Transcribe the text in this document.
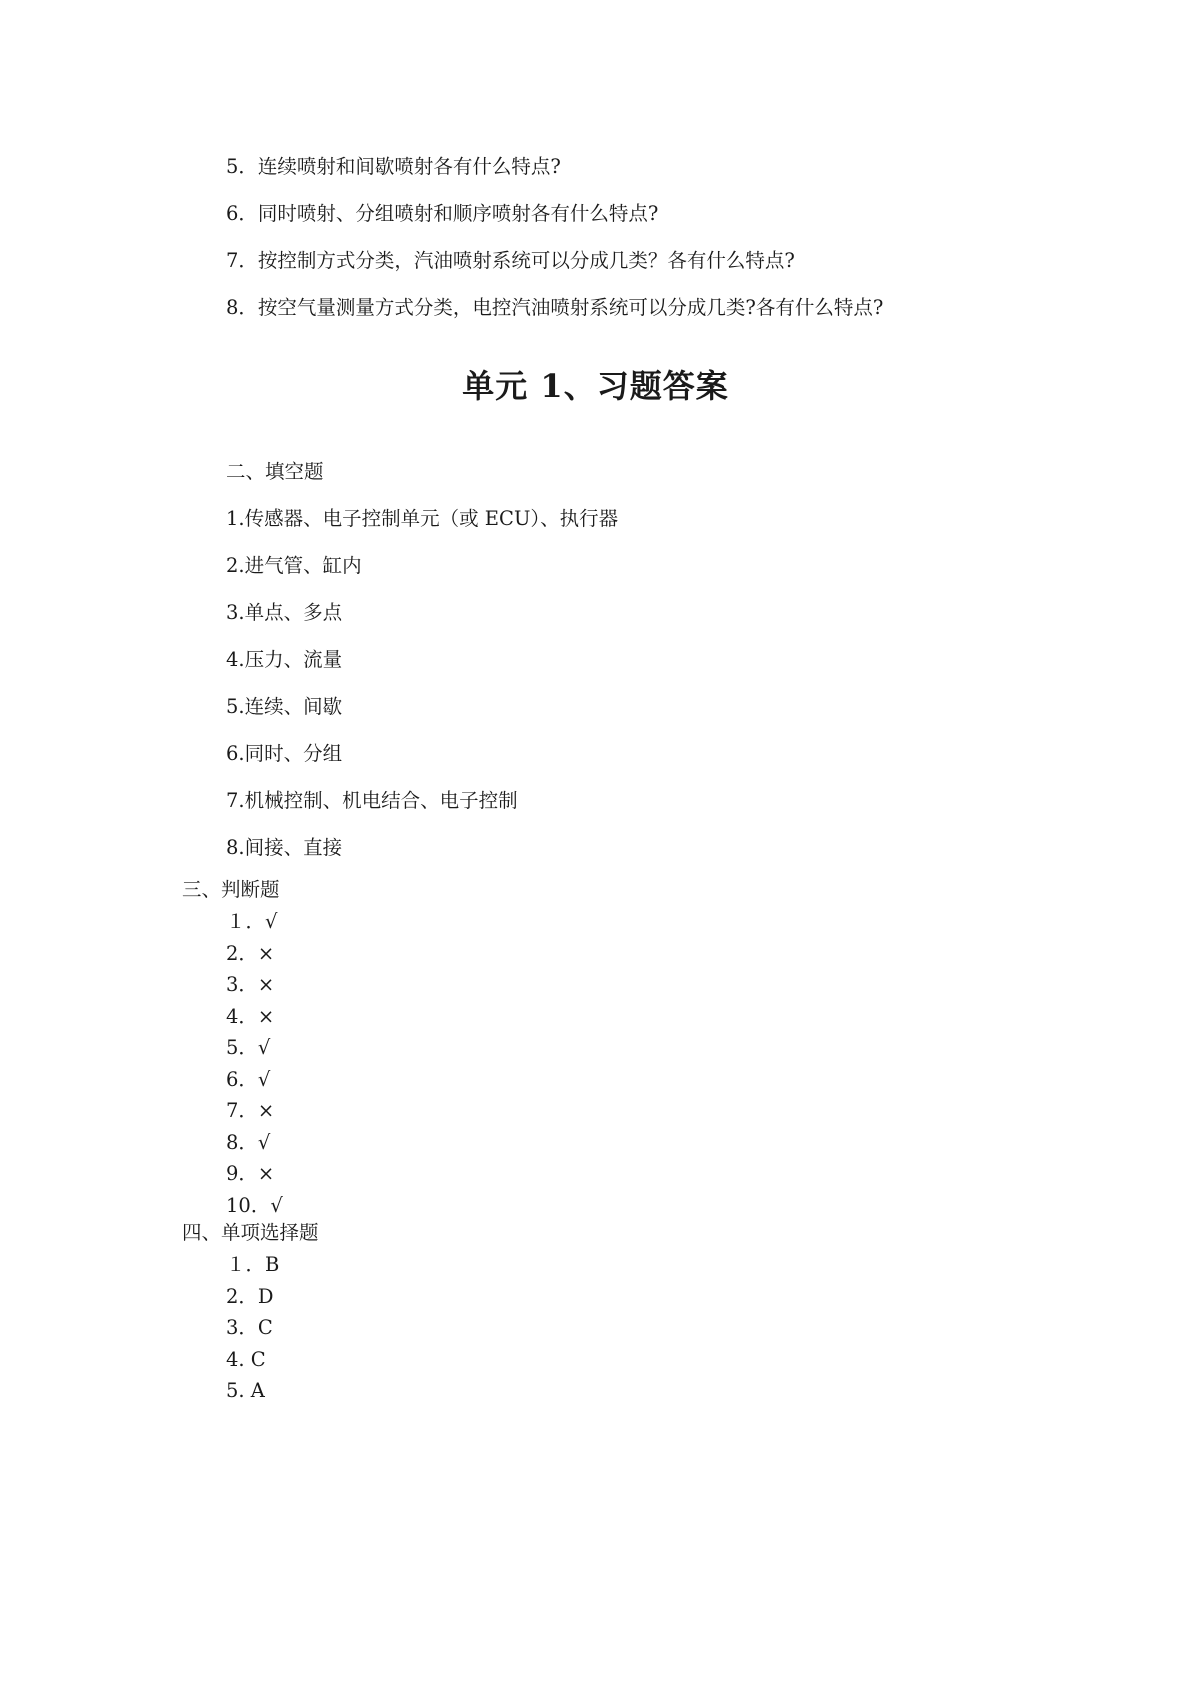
5．连续喷射和间歇喷射各有什么特点?
6．同时喷射、分组喷射和顺序喷射各有什么特点?
7．按控制方式分类，汽油喷射系统可以分成几类？各有什么特点?
8．按空气量测量方式分类，电控汽油喷射系统可以分成几类?各有什么特点?
单元 1、习题答案
二、填空题
1.传感器、电子控制单元（或 ECU）、执行器
2.进气管、缸内
3.单点、多点
4.压力、流量
5.连续、间歇
6.同时、分组
7.机械控制、机电结合、电子控制
8.间接、直接
三、判断题
１．√
2．×
3．×
4．×
5．√
6．√
7．×
8．√
9．×
10．√
四、单项选择题
１．B
2．D
3．C
4. C
5. A
